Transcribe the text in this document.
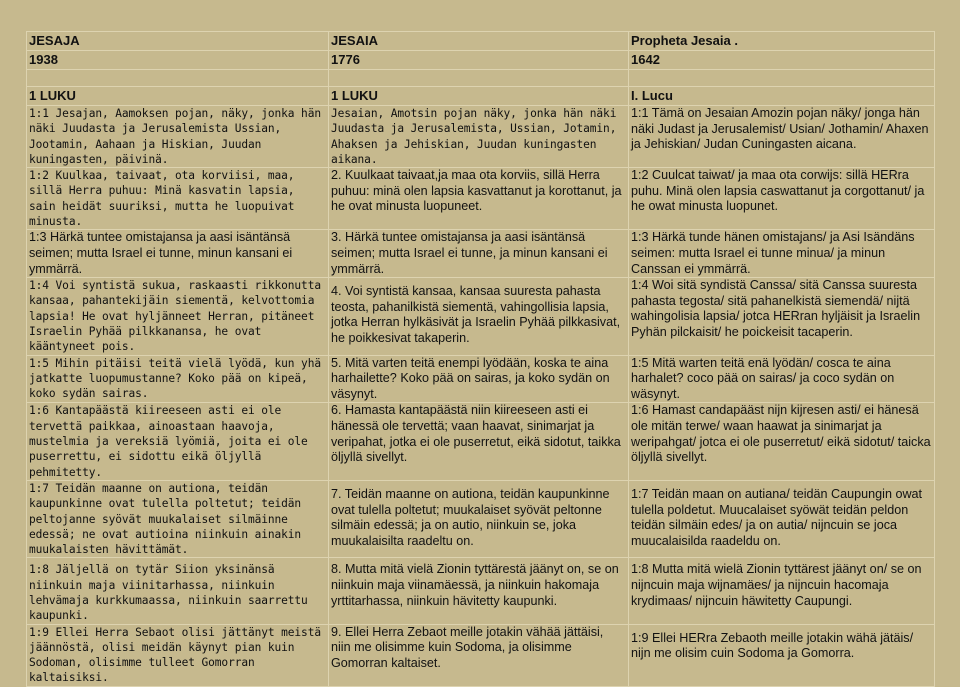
JESAJA	JESAIA	Propheta Jesaia .
1938	1776	1642

1 LUKU	1 LUKU	I. Lucu
1:1 Jesajan, Aamoksen pojan, näky, jonka hän näki Juudasta ja Jerusalemista Ussian, Jootamin, Aahaan ja Hiskian, Juudan kuningasten, päivinä.	Jesaian, Amotsin pojan näky, jonka hän näki Juudasta ja Jerusalemista, Ussian, Jotamin, Ahaksen ja Jehiskian, Juudan kuningasten aikana.	1:1 Tämä on Jesaian Amozin pojan näky/ jonga hän näki Judast ja Jerusalemist/ Usian/ Jothamin/ Ahaxen ja Jehiskian/ Judan Cuningasten aicana.
1:2 Kuulkaa, taivaat, ota korviisi, maa, sillä Herra puhuu: Minä kasvatin lapsia, sain heidät suuriksi, mutta he luopuivat minusta.	2. Kuulkaat taivaat,ja maa ota korviis, sillä Herra puhuu: minä olen lapsia kasvattanut ja korottanut, ja he ovat minusta luopuneet.	1:2 Cuulcat taiwat/ ja maa ota corwijs: sillä HERra puhu. Minä olen lapsia caswattanut ja corgottanut/ ja he owat minusta luopunet.
1:3 Härkä tuntee omistajansa ja aasi isäntänsä seimen; mutta Israel ei tunne, minun kansani ei ymmärrä.	3. Härkä tuntee omistajansa ja aasi isäntänsä seimen; mutta Israel ei tunne, ja minun kansani ei ymmärrä.	1:3 Härkä tunde hänen omistajans/ ja Asi Isändäns seimen: mutta Israel ei tunne minua/ ja minun Canssan ei ymmärrä.
1:4 Voi syntistä sukua, raskaasti rikkonutta kansaa, pahantekijäin siementä, kelvottomia lapsia! He ovat hyljänneet Herran, pitäneet Israelin Pyhää pilkkanansa, he ovat kääntyneet pois.	4. Voi syntistä kansaa, kansaa suuresta pahasta teosta, pahanilkistä siementä, vahingollisia lapsia, jotka Herran hylkäsivät ja Israelin Pyhää pilkkasivat, he poikkesivat takaperin.	1:4 Woi sitä syndistä Canssa/ sitä Canssa suuresta pahasta tegosta/ sitä pahanelkistä siemendä/ nijtä wahingolisia lapsia/ jotca HERran hyljäisit ja Israelin Pyhän pilckaisit/ he poickeisit tacaperin.
1:5 Mihin pitäisi teitä vielä lyödä, kun yhä jatkatte luopumustanne? Koko pää on kipeä, koko sydän sairas.	5. Mitä varten teitä enempi lyödään, koska te aina harhailette? Koko pää on sairas, ja koko sydän on väsynyt.	1:5 Mitä warten teitä enä lyödän/ cosca te aina harhalet? coco pää on sairas/ ja coco sydän on wäsynyt.
1:6 Kantapäästä kiireeseen asti ei ole tervettä paikkaa, ainoastaan haavoja, mustelmia ja vereksiä lyömiä, joita ei ole puserrettu, ei sidottu eikä öljyllä pehmitetty.	6. Hamasta kantapäästä niin kiireeseen asti ei hänessä ole tervettä; vaan haavat, sinimarjat ja veripahat, jotka ei ole puserretut, eikä sidotut, taikka öljyllä sivellyt.	1:6 Hamast candapääst nijn kijresen asti/ ei hänesä ole mitän terwe/ waan haawat ja sinimarjat ja weripahgat/ jotca ei ole puserretut/ eikä sidotut/ taicka öljyllä sivellyt.
1:7 Teidän maanne on autiona, teidän kaupunkinne ovat tulella poltetut; teidän peltojanne syövät muukalaiset silmäinne edessä; ne ovat autioina niinkuin ainakin muukalaisten hävittämät.	7. Teidän maanne on autiona, teidän kaupunkinne ovat tulella poltetut; muukalaiset syövät peltonne silmäin edessä; ja on autio, niinkuin se, joka muukalaisilta raadeltu on.	1:7 Teidän maan on autiana/ teidän Caupungin owat tulella poldetut. Muucalaiset syöwät teidän peldon teidän silmäin edes/ ja on autia/ nijncuin se joca muucalaisilda raadeldu on.
1:8 Jäljellä on tytär Siion yksinänsä niinkuin maja viinitarhassa, niinkuin lehvämaja kurkkumaassa, niinkuin saarrettu kaupunki.	8. Mutta mitä vielä Zionin tyttärestä jäänyt on, se on niinkuin maja viinamäessä, ja niinkuin hakomaja yrttitarhassa, niinkuin hävitetty kaupunki.	1:8 Mutta mitä wielä Zionin tyttärest jäänyt on/ se on nijncuin maja wijnamäes/ ja nijncuin hacomaja krydimaas/ nijncuin häwitetty Caupungi.
1:9 Ellei Herra Sebaot olisi jättänyt meistä jäännöstä, olisi meidän käynyt pian kuin Sodoman, olisimme tulleet Gomorran kaltaisiksi.	9. Ellei Herra Zebaot meille jotakin vähää jättäisi, niin me olisimme kuin Sodoma, ja olisimme Gomorran kaltaiset.	1:9 Ellei HERra Zebaoth meille jotakin wähä jätäis/ nijn me olisim cuin Sodoma ja Gomorra.
